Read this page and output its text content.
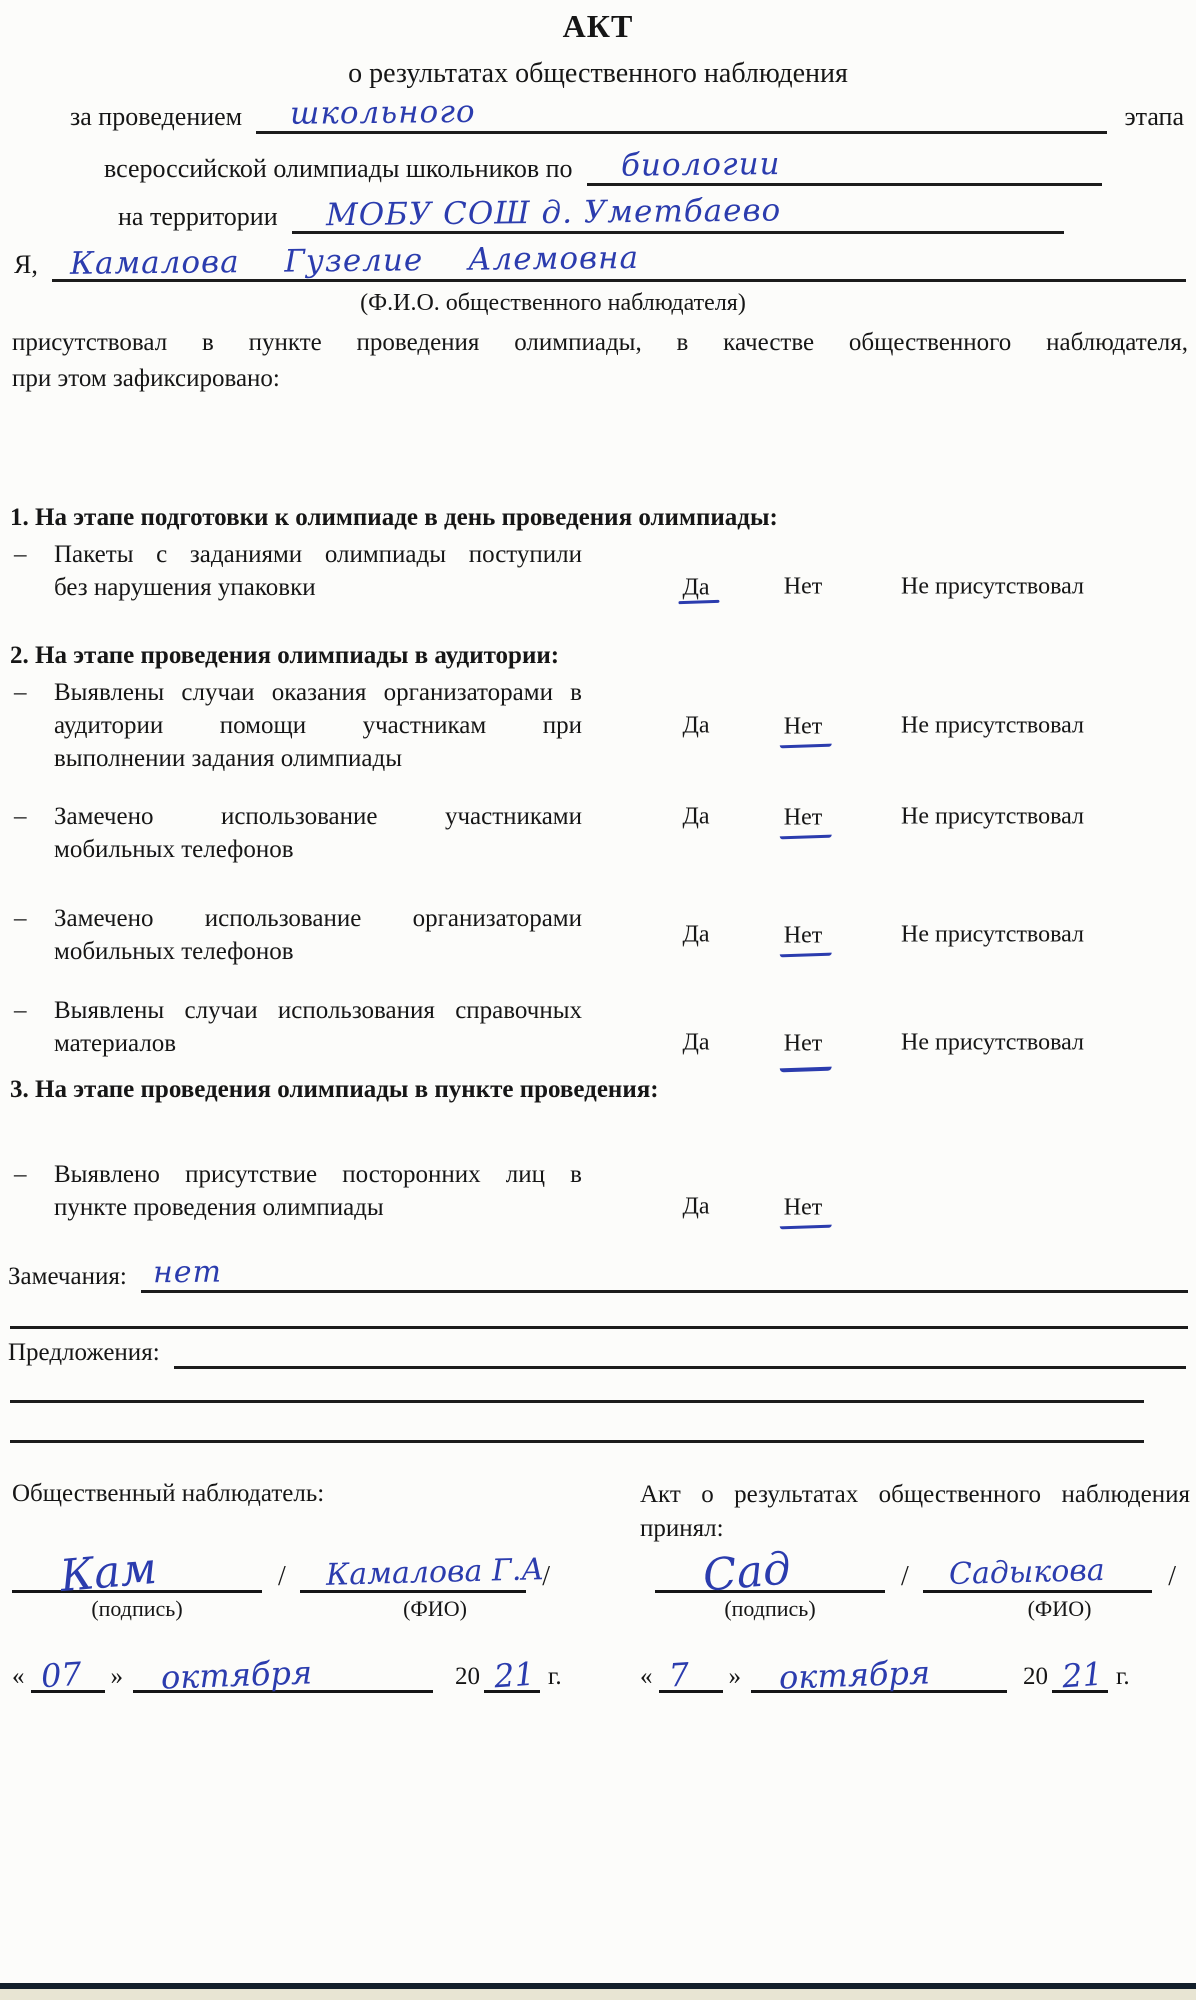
АКТ
о результатах общественного наблюдения
за проведением	школьного	этапа
всероссийской олимпиады школьников по	биологии
на территории	МОБУ СОШ д. Уметбаево
Я,	Камалова Гузелие Алемовна
(Ф.И.О. общественного наблюдателя)
присутствовал в пункте проведения олимпиады, в качестве общественного наблюдателя,
при этом зафиксировано:
1. На этапе подготовки к олимпиаде в день проведения олимпиады:
–	Пакеты с заданиями олимпиады поступили
без нарушения упаковки	Да	Нет	Не присутствовал
2. На этапе проведения олимпиады в аудитории:
–	Выявлены случаи оказания организаторами в
аудитории помощи участникам при
выполнении задания олимпиады
Да	Нет	Не присутствовал
–	Замечено использование участниками
мобильных телефонов
Да	Нет	Не присутствовал
–	Замечено использование организаторами
мобильных телефонов
Да	Нет	Не присутствовал
–	Выявлены случаи использования справочных
материалов	Да	Нет	Не присутствовал
3. На этапе проведения олимпиады в пункте проведения:
–	Выявлено присутствие посторонних лиц в
пункте проведения олимпиады	Да	Нет
Замечания: нет
Предложения:
Общественный наблюдатель:	Акт о результатах общественного наблюдения принял:
Кам	/	Камалова Г.А
/
(подпись)	(ФИО)
Сад	/	Садыкова	/
(подпись)	(ФИО)
« 07 »	октября	20 21 г.	« 7 »	октября	20 21 г.
